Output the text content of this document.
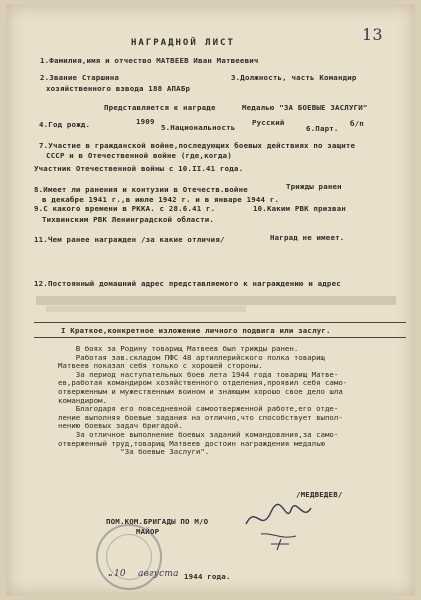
13
НАГРАДНОЙ ЛИСТ
1.Фамилия,имя и отчество МАТВЕЕВ Иван Матвеевич
2.Звание Старшина	3.Должность, часть Командир
хозяйственного взвода 188 АПАБр
Представляется к награде	Медалью "ЗА БОЕВЫЕ ЗАСЛУГИ"
4.Год рожд.	1909
5.Национальность
Русский
6.Парт.
б/п
7.Участие в гражданской войне,последующих боевых действиях по защите
СССР и в Отечественной войне (где,когда)
Участник Отечественной войны с 10.II.41 года.
8.Имеет ли ранения и контузии в Отечеств.войне	Трижды ранен
в декабре 1941 г.,в июле 1942 г. и в январе 1944 г.
9.С какого времени в РККА. с 28.6.41 г.	10.Каким РВК призван
Тихвинским РВК Ленинградской области.
11.Чем ранее награжден /за какие отличия/	Наград не имеет.
12.Постоянный домашний адрес представляемого к награждению и адрес
I Краткое,конкретное изложение личного подвига или заслуг.
В боях за Родину товарищ Матвеев был трижды ранен.
Работая зав.складом ПФС 48 артиллерийского полка товарищ
Матвеев показал себя только с хорошей стороны.
За период наступательных боев лета 1944 года товарищ Матве-
ев,работая командиром хозяйственного отделения,проявил себя само-
отверженным и мужественным воином и знающим хорошо свое дело шла
командиром.
Благодаря его повседневной самоотверженной работе,его отде-
ление выполняя боевые задания на отлично,что способствует выпол-
нению боевых задач бригадой.
За отличное выполнение боевых заданий командования,за само-
отверженный труд,товарищ Матвеев достоин награждения медалью
"За боевые Заслуги".
ПОМ.КОМ.БРИГАДЫ ПО М/О
МАЙОР
/МЕДВЕДЕВ/
" 10 августа 1944 года.
